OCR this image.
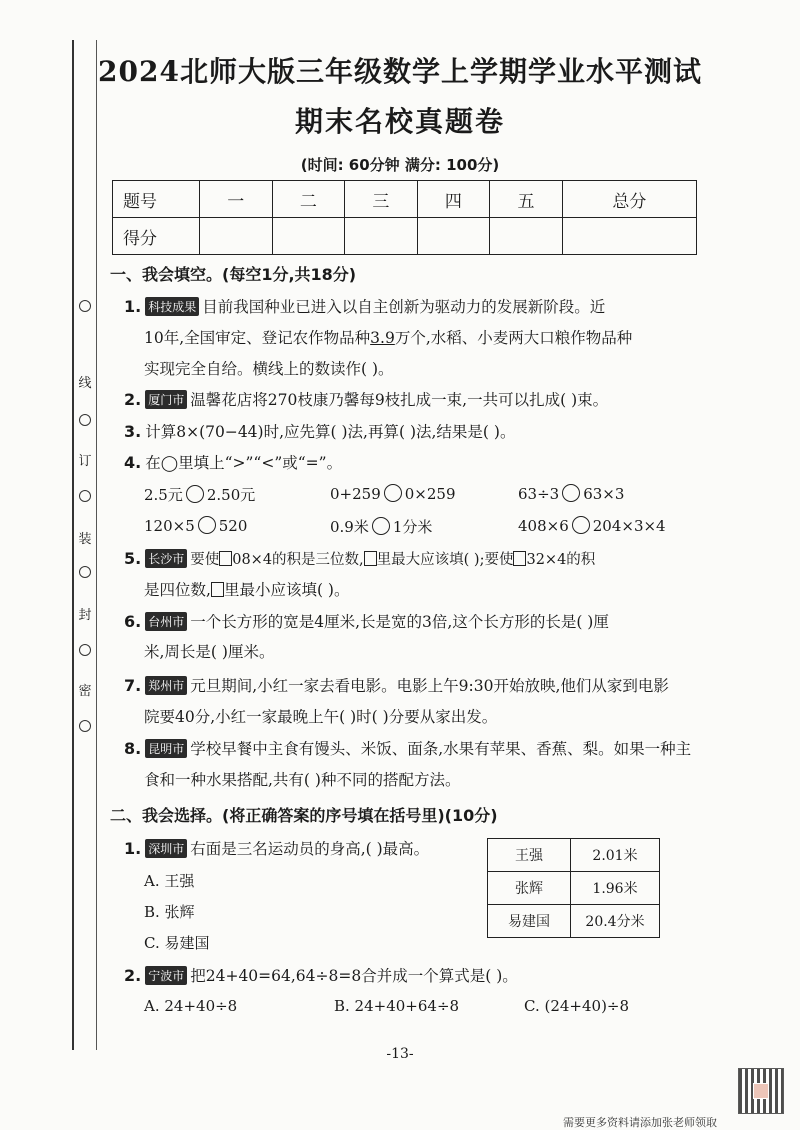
线
订
装
封
密
2024北师大版三年级数学上学期学业水平测试
期末名校真题卷
(时间: 60分钟 满分: 100分)
题号	一	二	三	四	五	总分
得分						
一、我会填空。(每空1分,共18分)
1. 科技成果 目前我国种业已进入以自主创新为驱动力的发展新阶段。近
10年,全国审定、登记农作物品种3.9万个,水稻、小麦两大口粮作物品种
实现完全自给。横线上的数读作( )。
2. 厦门市 温馨花店将270枝康乃馨每9枝扎成一束,一共可以扎成( )束。
3. 计算8×(70−44)时,应先算( )法,再算( )法,结果是( )。
4. 在◯里填上“>”“<”或“=”。
2.5元 2.50元	0+259 0×259	63÷3 63×3
120×5 520	0.9米 1分米	408×6 204×3×4
5. 长沙市 要使 08×4的积是三位数, 里最大应该填( );要使 32×4的积
是四位数, 里最小应该填( )。
6. 台州市 一个长方形的宽是4厘米,长是宽的3倍,这个长方形的长是( )厘
米,周长是( )厘米。
7. 郑州市 元旦期间,小红一家去看电影。电影上午9:30开始放映,他们从家到电影
院要40分,小红一家最晚上午( )时( )分要从家出发。
8. 昆明市 学校早餐中主食有馒头、米饭、面条,水果有苹果、香蕉、梨。如果一种主
食和一种水果搭配,共有( )种不同的搭配方法。
二、我会选择。(将正确答案的序号填在括号里)(10分)
1. 深圳市 右面是三名运动员的身高,( )最高。
A. 王强
B. 张辉
C. 易建国
王强	2.01米
张辉	1.96米
易建国	20.4分米
2. 宁波市 把24+40=64,64÷8=8合并成一个算式是( )。
A. 24+40÷8	B. 24+40+64÷8	C. (24+40)÷8
-13-
需要更多资料请添加张老师领取
